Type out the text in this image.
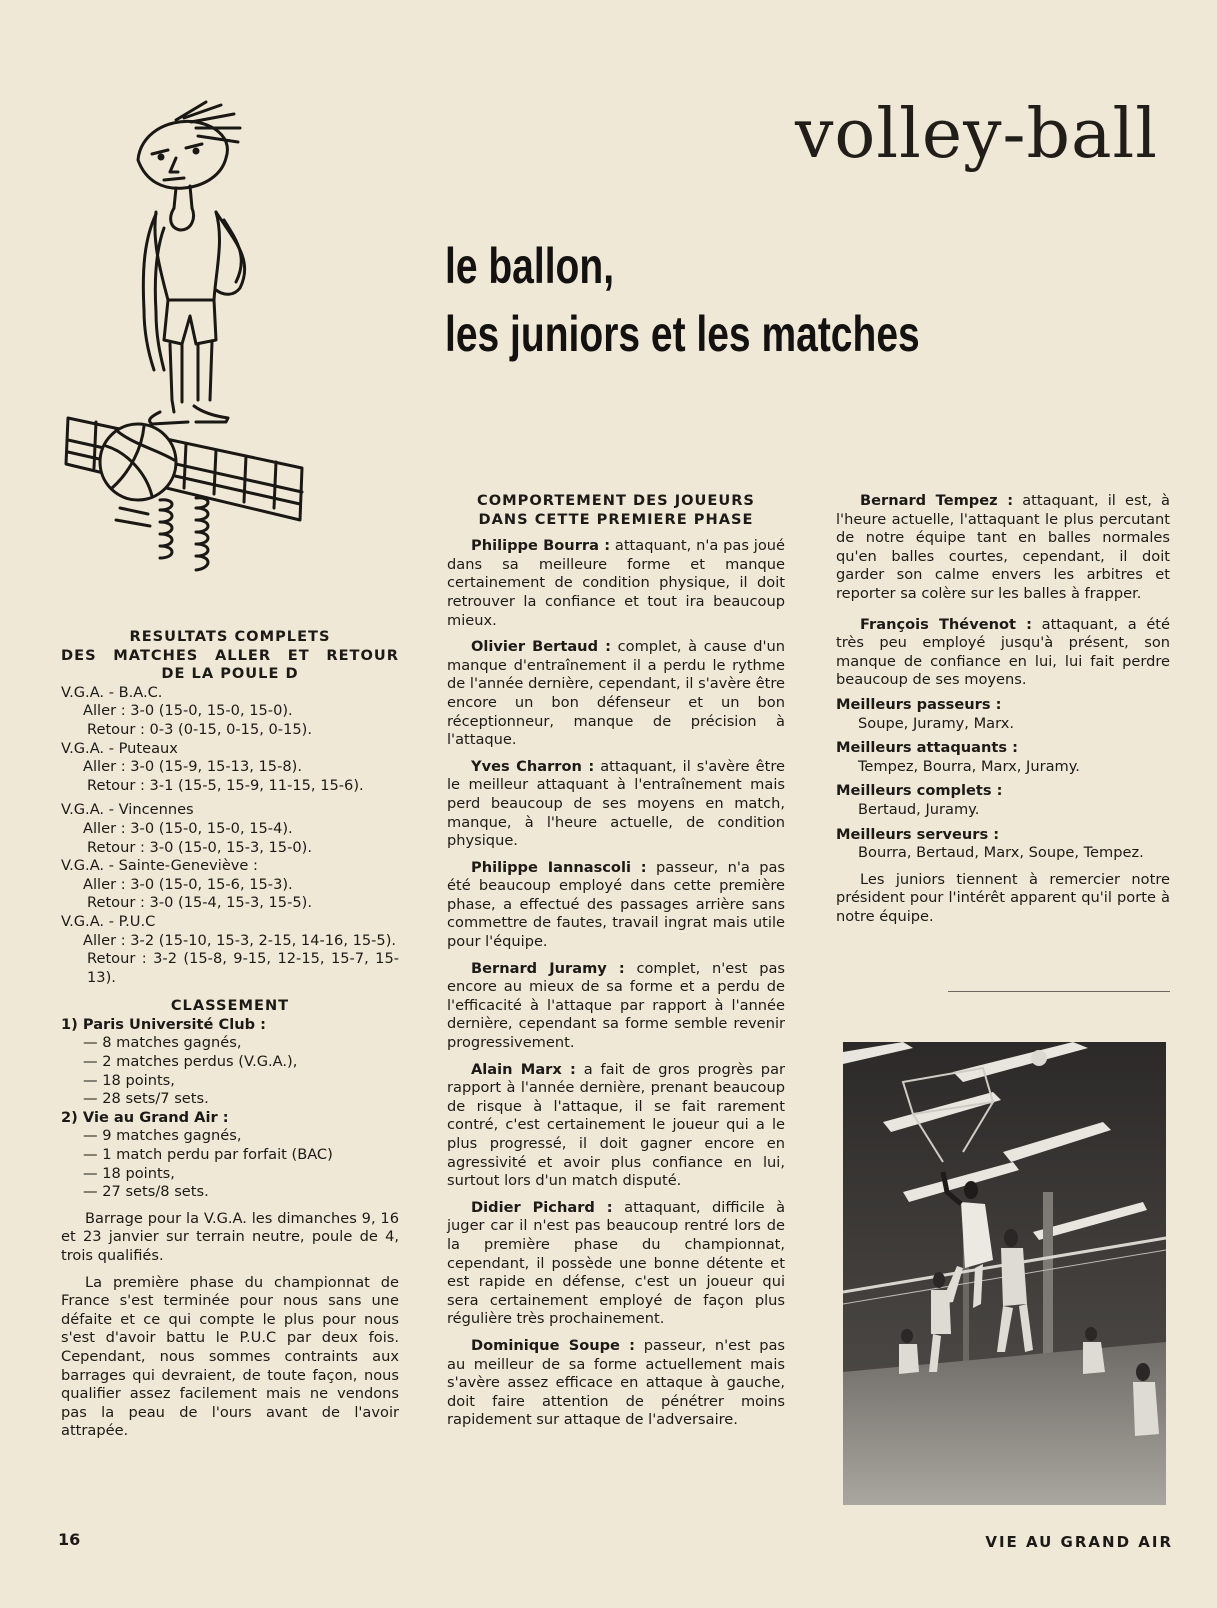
volley-ball
le ballon,
les juniors et les matches
RESULTATS COMPLETS
DES MATCHES ALLER ET RETOUR
DE LA POULE D
V.G.A. - B.A.C.
Aller : 3-0 (15-0, 15-0, 15-0).
Retour : 0-3 (0-15, 0-15, 0-15).
V.G.A. - Puteaux
Aller : 3-0 (15-9, 15-13, 15-8).
Retour : 3-1 (15-5, 15-9, 11-15, 15-6).
V.G.A. - Vincennes
Aller : 3-0 (15-0, 15-0, 15-4).
Retour : 3-0 (15-0, 15-3, 15-0).
V.G.A. - Sainte-Geneviève :
Aller : 3-0 (15-0, 15-6, 15-3).
Retour : 3-0 (15-4, 15-3, 15-5).
V.G.A. - P.U.C
Aller : 3-2 (15-10, 15-3, 2-15, 14-16, 15-5).
Retour : 3-2 (15-8, 9-15, 12-15, 15-7, 15-13).
CLASSEMENT
1) Paris Université Club :
— 8 matches gagnés,
— 2 matches perdus (V.G.A.),
— 18 points,
— 28 sets/7 sets.
2) Vie au Grand Air :
— 9 matches gagnés,
— 1 match perdu par forfait (BAC)
— 18 points,
— 27 sets/8 sets.
Barrage pour la V.G.A. les dimanches 9, 16 et 23 janvier sur terrain neutre, poule de 4, trois qualifiés.
La première phase du championnat de France s'est terminée pour nous sans une défaite et ce qui compte le plus pour nous s'est d'avoir battu le P.U.C par deux fois. Cependant, nous sommes contraints aux barrages qui devraient, de toute façon, nous qualifier assez facilement mais ne vendons pas la peau de l'ours avant de l'avoir attrapée.
COMPORTEMENT DES JOUEURS
DANS CETTE PREMIERE PHASE
Philippe Bourra : attaquant, n'a pas joué dans sa meilleure forme et manque certainement de condition physique, il doit retrouver la confiance et tout ira beaucoup mieux.
Olivier Bertaud : complet, à cause d'un manque d'entraînement il a perdu le rythme de l'année dernière, cependant, il s'avère être encore un bon défenseur et un bon réceptionneur, manque de précision à l'attaque.
Yves Charron : attaquant, il s'avère être le meilleur attaquant à l'entraînement mais perd beaucoup de ses moyens en match, manque, à l'heure actuelle, de condition physique.
Philippe Iannascoli : passeur, n'a pas été beaucoup employé dans cette première phase, a effectué des passages arrière sans commettre de fautes, travail ingrat mais utile pour l'équipe.
Bernard Juramy : complet, n'est pas encore au mieux de sa forme et a perdu de l'efficacité à l'attaque par rapport à l'année dernière, cependant sa forme semble revenir progressivement.
Alain Marx : a fait de gros progrès par rapport à l'année dernière, prenant beaucoup de risque à l'attaque, il se fait rarement contré, c'est certainement le joueur qui a le plus progressé, il doit gagner encore en agressivité et avoir plus confiance en lui, surtout lors d'un match disputé.
Didier Pichard : attaquant, difficile à juger car il n'est pas beaucoup rentré lors de la première phase du championnat, cependant, il possède une bonne détente et est rapide en défense, c'est un joueur qui sera certainement employé de façon plus régulière très prochainement.
Dominique Soupe : passeur, n'est pas au meilleur de sa forme actuellement mais s'avère assez efficace en attaque à gauche, doit faire attention de pénétrer moins rapidement sur attaque de l'adversaire.
Bernard Tempez : attaquant, il est, à l'heure actuelle, l'attaquant le plus percutant de notre équipe tant en balles normales qu'en balles courtes, cependant, il doit garder son calme envers les arbitres et reporter sa colère sur les balles à frapper.
François Thévenot : attaquant, a été très peu employé jusqu'à présent, son manque de confiance en lui, lui fait perdre beaucoup de ses moyens.
Meilleurs passeurs :
Soupe, Juramy, Marx.
Meilleurs attaquants :
Tempez, Bourra, Marx, Juramy.
Meilleurs complets :
Bertaud, Juramy.
Meilleurs serveurs :
Bourra, Bertaud, Marx, Soupe, Tempez.
Les juniors tiennent à remercier notre président pour l'intérêt apparent qu'il porte à notre équipe.
16	VIE AU GRAND AIR
